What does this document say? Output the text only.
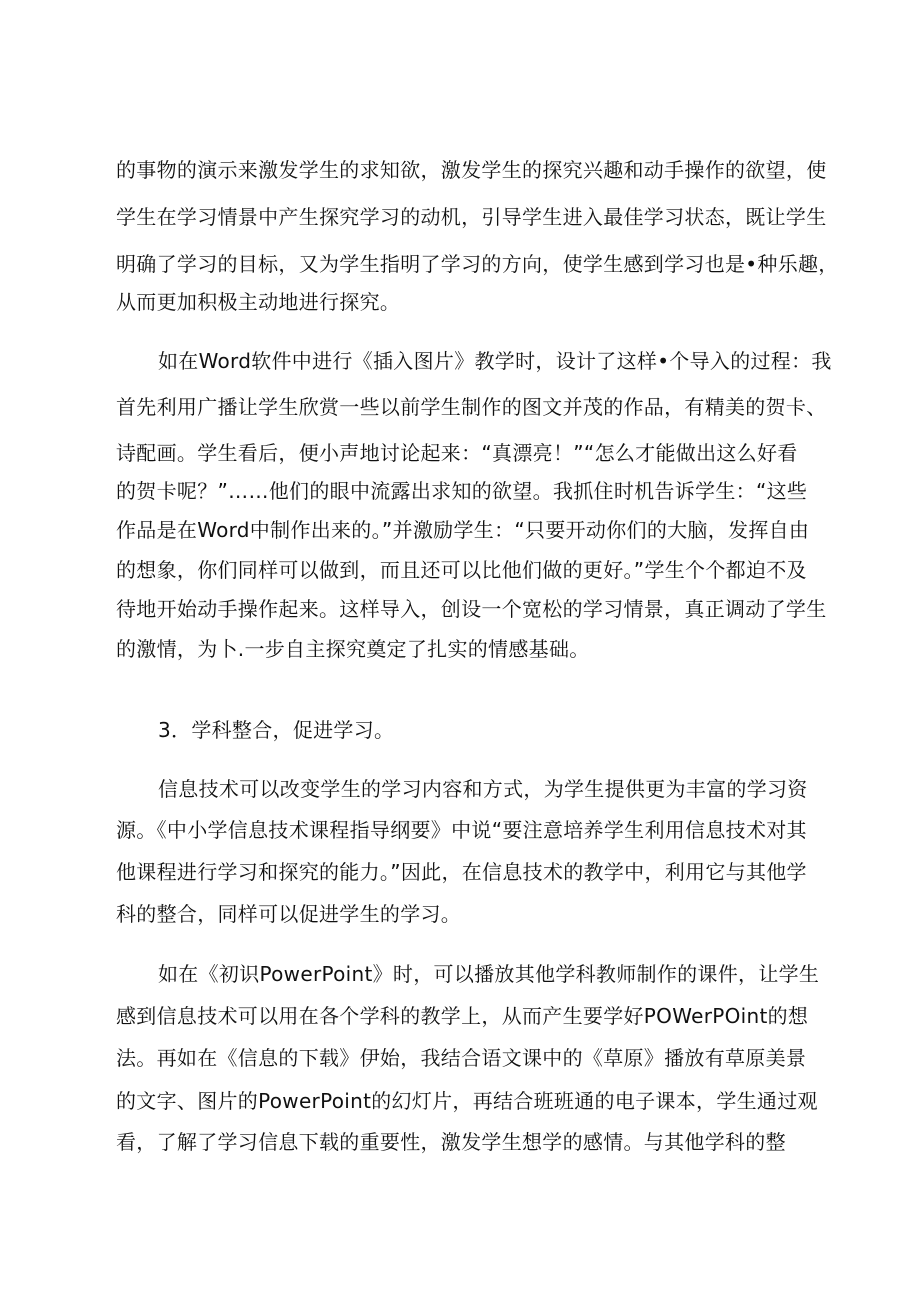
的事物的演示来激发学生的求知欲，激发学生的探究兴趣和动手操作的欲望，使
学生在学习情景中产生探究学习的动机，引导学生进入最佳学习状态，既让学生
明确了学习的目标，又为学生指明了学习的方向，使学生感到学习也是•种乐趣，
从而更加积极主动地进行探究。
如在Word软件中进行《插入图片》教学时，设计了这样•个导入的过程：我
首先利用广播让学生欣赏一些以前学生制作的图文并茂的作品，有精美的贺卡、
诗配画。学生看后，便小声地讨论起来：“真漂亮！”“怎么才能做出这么好看
的贺卡呢？”……他们的眼中流露出求知的欲望。我抓住时机告诉学生：“这些
作品是在Word中制作出来的。”并激励学生：“只要开动你们的大脑，发挥自由
的想象，你们同样可以做到，而且还可以比他们做的更好。”学生个个都迫不及
待地开始动手操作起来。这样导入，创设一个宽松的学习情景，真正调动了学生
的激情，为卜.一步自主探究奠定了扎实的情感基础。
3．学科整合，促进学习。
信息技术可以改变学生的学习内容和方式，为学生提供更为丰富的学习资
源。《中小学信息技术课程指导纲要》中说“要注意培养学生利用信息技术对其
他课程进行学习和探究的能力。”因此，在信息技术的教学中，利用它与其他学
科的整合，同样可以促进学生的学习。
如在《初识PowerPoint》时，可以播放其他学科教师制作的课件，让学生
感到信息技术可以用在各个学科的教学上，从而产生要学好POWerPOint的想
法。再如在《信息的下载》伊始，我结合语文课中的《草原》播放有草原美景
的文字、图片的PowerPoint的幻灯片，再结合班班通的电子课本，学生通过观
看，了解了学习信息下载的重要性，激发学生想学的感情。与其他学科的整
